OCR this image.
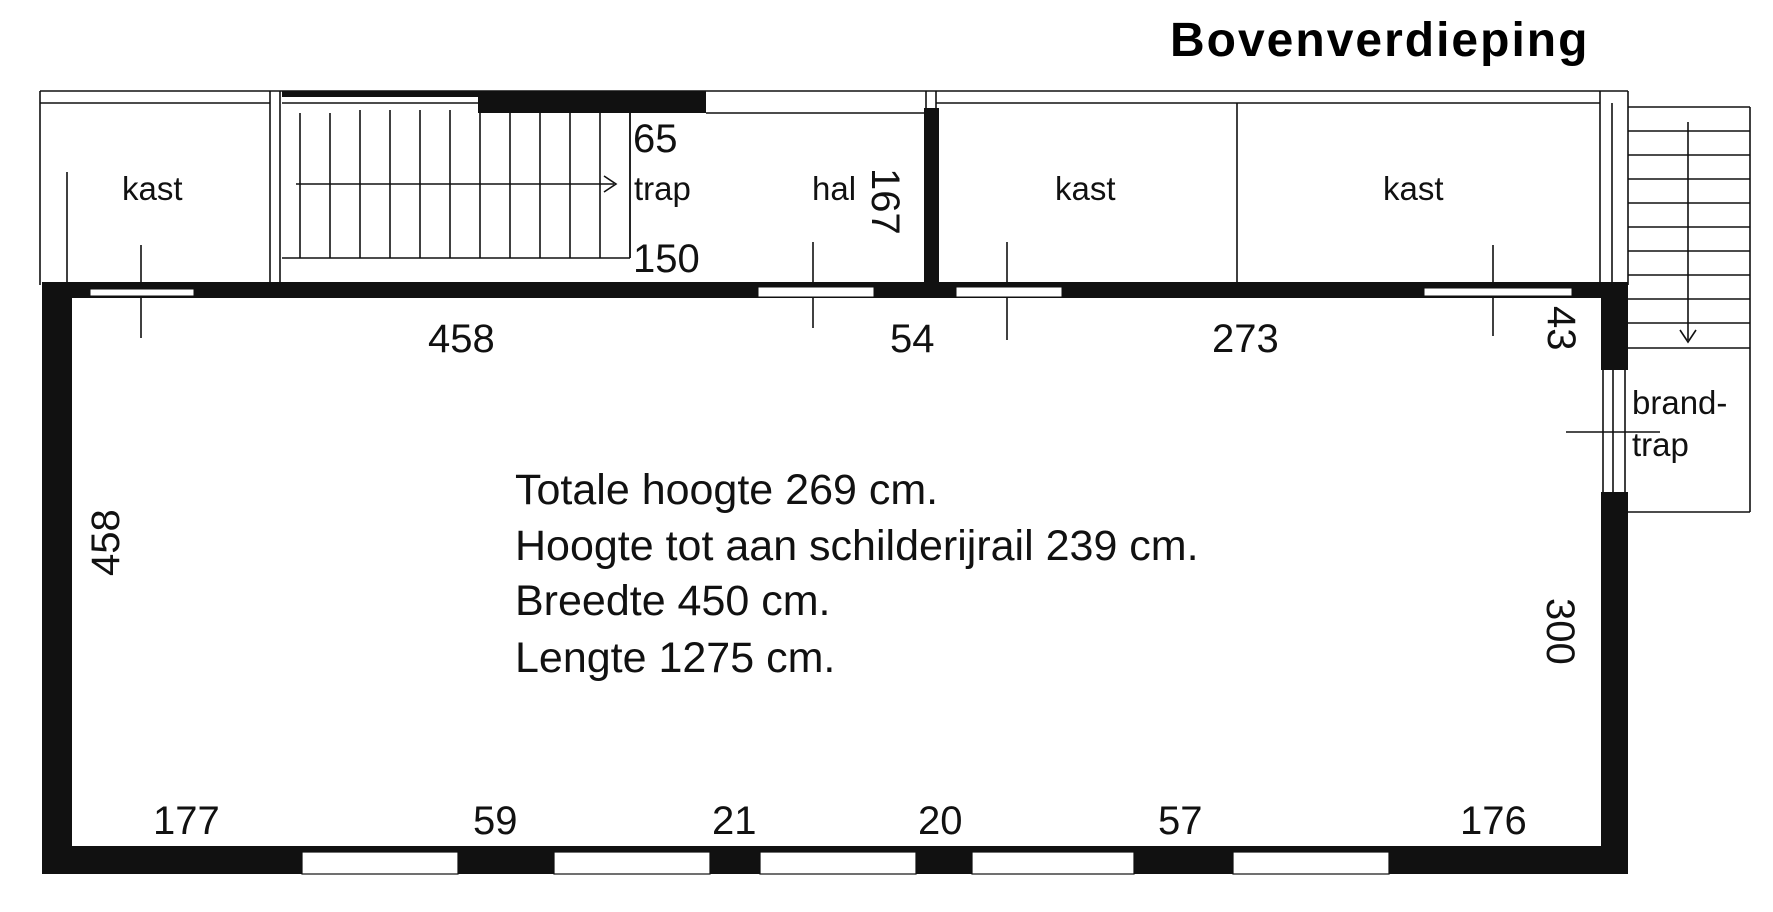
Bovenverdieping
kast	trap	hal	kast	kast
brand-
trap
65
150
167
458	54	273	43
458
300
177	59	21	20	57	176
Totale hoogte 269 cm.
Hoogte tot aan schilderijrail 239 cm.
Breedte 450 cm.
Lengte 1275 cm.
